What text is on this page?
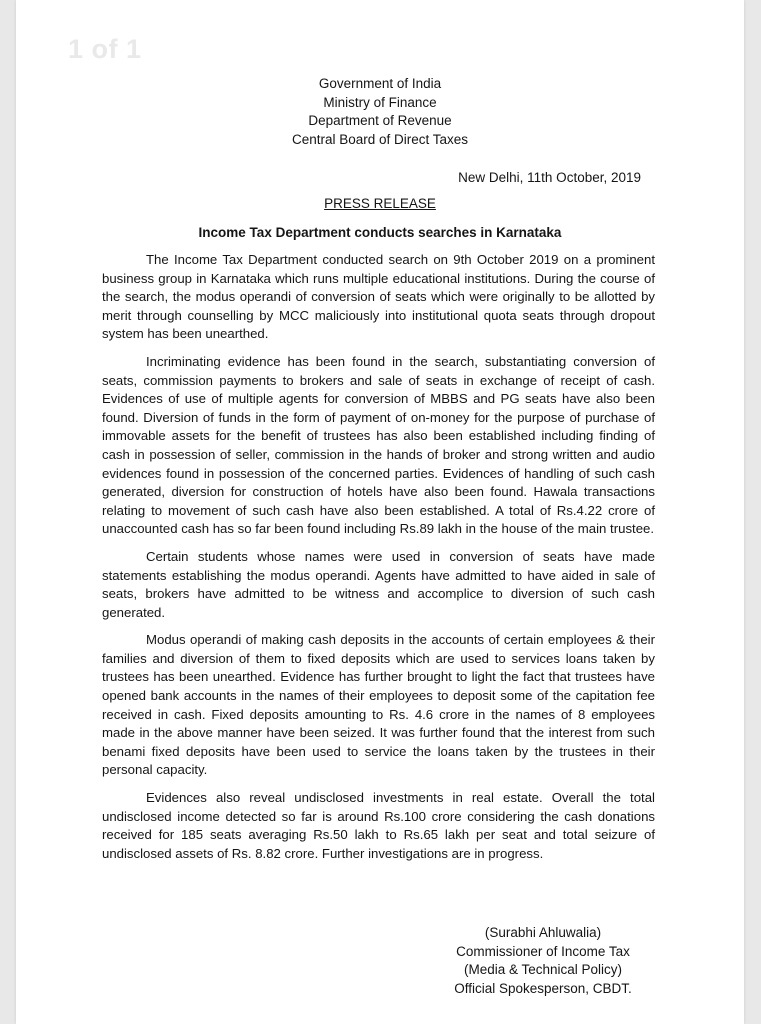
1 of 1
Government of India
Ministry of Finance
Department of Revenue
Central Board of Direct Taxes
New Delhi, 11th October, 2019
PRESS RELEASE
Income Tax Department conducts searches in Karnataka

The Income Tax Department conducted search on 9th October 2019 on a prominent business group in Karnataka which runs multiple educational institutions. During the course of the search, the modus operandi of conversion of seats which were originally to be allotted by merit through counselling by MCC maliciously into institutional quota seats through dropout system has been unearthed.

Incriminating evidence has been found in the search, substantiating conversion of seats, commission payments to brokers and sale of seats in exchange of receipt of cash. Evidences of use of multiple agents for conversion of MBBS and PG seats have also been found. Diversion of funds in the form of payment of on-money for the purpose of purchase of immovable assets for the benefit of trustees has also been established including finding of cash in possession of seller, commission in the hands of broker and strong written and audio evidences found in possession of the concerned parties. Evidences of handling of such cash generated, diversion for construction of hotels have also been found. Hawala transactions relating to movement of such cash have also been established. A total of Rs.4.22 crore of unaccounted cash has so far been found including Rs.89 lakh in the house of the main trustee.

Certain students whose names were used in conversion of seats have made statements establishing the modus operandi. Agents have admitted to have aided in sale of seats, brokers have admitted to be witness and accomplice to diversion of such cash generated.

Modus operandi of making cash deposits in the accounts of certain employees & their families and diversion of them to fixed deposits which are used to services loans taken by trustees has been unearthed. Evidence has further brought to light the fact that trustees have opened bank accounts in the names of their employees to deposit some of the capitation fee received in cash. Fixed deposits amounting to Rs. 4.6 crore in the names of 8 employees made in the above manner have been seized. It was further found that the interest from such benami fixed deposits have been used to service the loans taken by the trustees in their personal capacity.

Evidences also reveal undisclosed investments in real estate. Overall the total undisclosed income detected so far is around Rs.100 crore considering the cash donations received for 185 seats averaging Rs.50 lakh to Rs.65 lakh per seat and total seizure of undisclosed assets of Rs. 8.82 crore. Further investigations are in progress.

(Surabhi Ahluwalia)
Commissioner of Income Tax
(Media & Technical Policy)
Official Spokesperson, CBDT.
